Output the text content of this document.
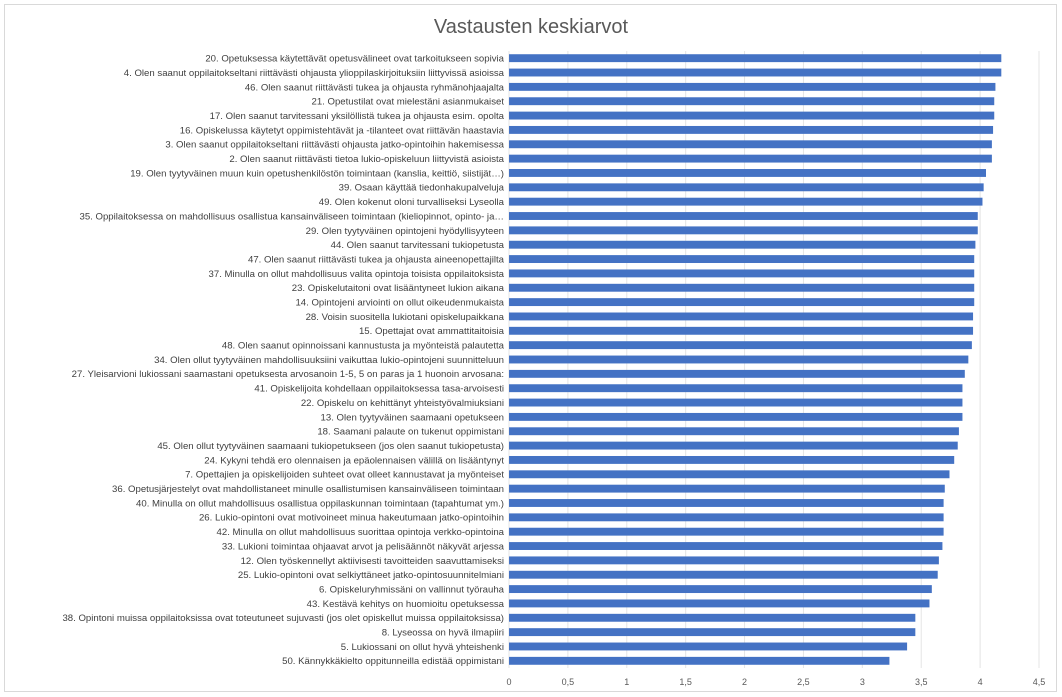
Vastausten keskiarvot
20. Opetuksessa käytettävät opetusvälineet ovat tarkoitukseen sopivia
4. Olen saanut oppilaitokseltani riittävästi ohjausta ylioppilaskirjoituksiin liittyvissä asioissa
46. Olen saanut riittävästi tukea ja ohjausta ryhmänohjaajalta
21. Opetustilat ovat mielestäni asianmukaiset
17. Olen saanut tarvitessani yksilöllistä tukea ja ohjausta esim. opolta
16. Opiskelussa käytetyt oppimistehtävät ja -tilanteet ovat riittävän haastavia
3. Olen saanut oppilaitokseltani riittävästi ohjausta jatko-opintoihin hakemisessa
2. Olen saanut riittävästi tietoa lukio-opiskeluun liittyvistä asioista
19. Olen tyytyväinen muun kuin opetushenkilöstön toimintaan (kanslia, keittiö, siistijät…)
39. Osaan käyttää tiedonhakupalveluja
49. Olen kokenut oloni turvalliseksi Lyseolla
35. Oppilaitoksessa on mahdollisuus osallistua kansainväliseen toimintaan (kieliopinnot, opinto- ja…
29. Olen tyytyväinen opintojeni hyödyllisyyteen
44. Olen saanut tarvitessani tukiopetusta
47. Olen saanut riittävästi tukea ja ohjausta aineenopettajilta
37. Minulla on ollut mahdollisuus valita opintoja toisista oppilaitoksista
23. Opiskelutaitoni ovat lisääntyneet lukion aikana
14. Opintojeni arviointi on ollut oikeudenmukaista
28. Voisin suositella lukiotani opiskelupaikkana
15. Opettajat ovat ammattitaitoisia
48. Olen saanut opinnoissani kannustusta ja myönteistä palautetta
34. Olen ollut tyytyväinen mahdollisuuksiini vaikuttaa lukio-opintojeni suunnitteluun
27. Yleisarvioni lukiossani saamastani opetuksesta arvosanoin 1-5, 5 on paras ja 1 huonoin arvosana:
41. Opiskelijoita kohdellaan oppilaitoksessa tasa-arvoisesti
22. Opiskelu on kehittänyt yhteistyövalmiuksiani
13. Olen tyytyväinen saamaani opetukseen
18. Saamani palaute on tukenut oppimistani
45. Olen ollut tyytyväinen saamaani tukiopetukseen (jos olen saanut tukiopetusta)
24. Kykyni tehdä ero olennaisen ja epäolennaisen välillä on lisääntynyt
7. Opettajien ja opiskelijoiden suhteet ovat olleet kannustavat ja myönteiset
36. Opetusjärjestelyt ovat mahdollistaneet minulle osallistumisen kansainväliseen toimintaan
40. Minulla on ollut mahdollisuus osallistua oppilaskunnan toimintaan (tapahtumat ym.)
26. Lukio-opintoni ovat motivoineet minua hakeutumaan jatko-opintoihin
42. Minulla on ollut mahdollisuus suorittaa opintoja verkko-opintoina
33. Lukioni toimintaa ohjaavat arvot ja pelisäännöt näkyvät arjessa
12. Olen työskennellyt aktiivisesti tavoitteiden saavuttamiseksi
25. Lukio-opintoni ovat selkiyttäneet jatko-opintosuunnitelmiani
6. Opiskeluryhmissäni on vallinnut työrauha
43. Kestävä kehitys on huomioitu opetuksessa
38. Opintoni muissa oppilaitoksissa ovat toteutuneet sujuvasti (jos olet opiskellut muissa oppilaitoksissa)
8. Lyseossa on hyvä ilmapiiri
5. Lukiossani on ollut hyvä yhteishenki
50. Kännykkäkielto oppitunneilla edistää oppimistani
0	0,5	1	1,5	2	2,5	3	3,5	4	4,5
